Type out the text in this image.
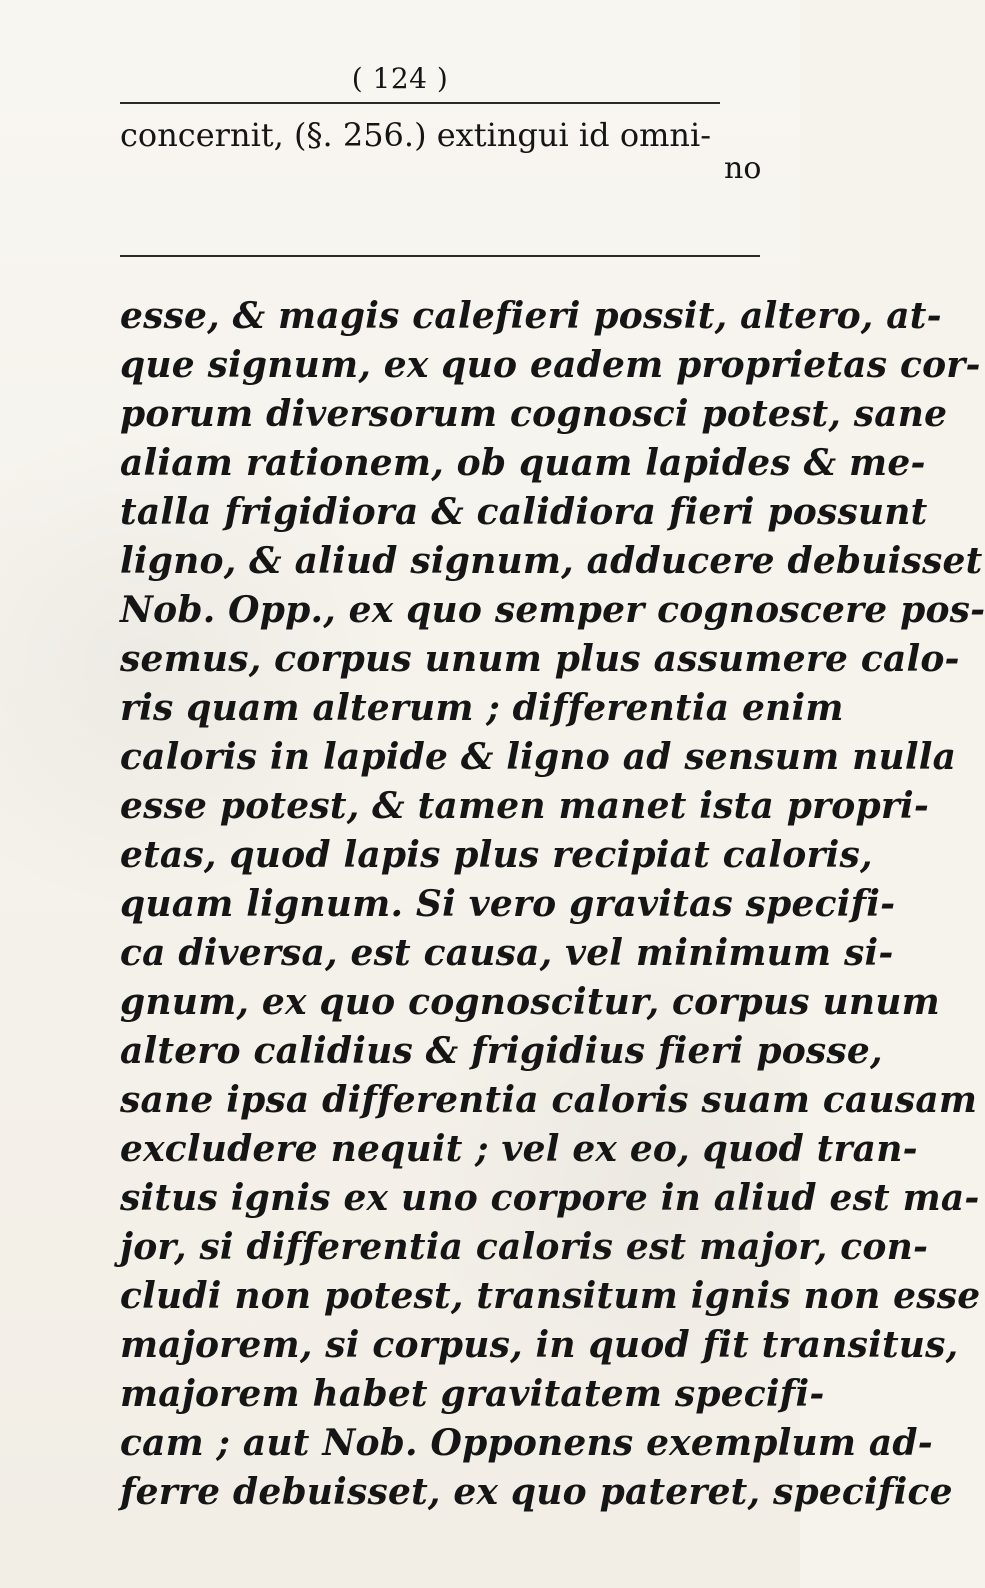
( 124 )
concernit, (§. 256.) extingui id omni-
no
esse, & magis calefieri possit, altero, at-
que signum, ex quo eadem proprietas cor-
porum diversorum cognosci potest, sane
aliam rationem, ob quam lapides & me-
talla frigidiora & calidiora fieri possunt
ligno, & aliud signum, adducere debuisset
Nob. Opp., ex quo semper cognoscere pos-
semus, corpus unum plus assumere calo-
ris quam alterum ; differentia enim
caloris in lapide & ligno ad sensum nulla
esse potest, & tamen manet ista propri-
etas, quod lapis plus recipiat caloris,
quam lignum. Si vero gravitas specifi-
ca diversa, est causa, vel minimum si-
gnum, ex quo cognoscitur, corpus unum
altero calidius & frigidius fieri posse,
sane ipsa differentia caloris suam causam
excludere nequit ; vel ex eo, quod tran-
situs ignis ex uno corpore in aliud est ma-
jor, si differentia caloris est major, con-
cludi non potest, transitum ignis non esse
majorem, si corpus, in quod fit transitus,
majorem habet gravitatem specifi-
cam ; aut Nob. Opponens exemplum ad-
ferre debuisset, ex quo pateret, specifice
